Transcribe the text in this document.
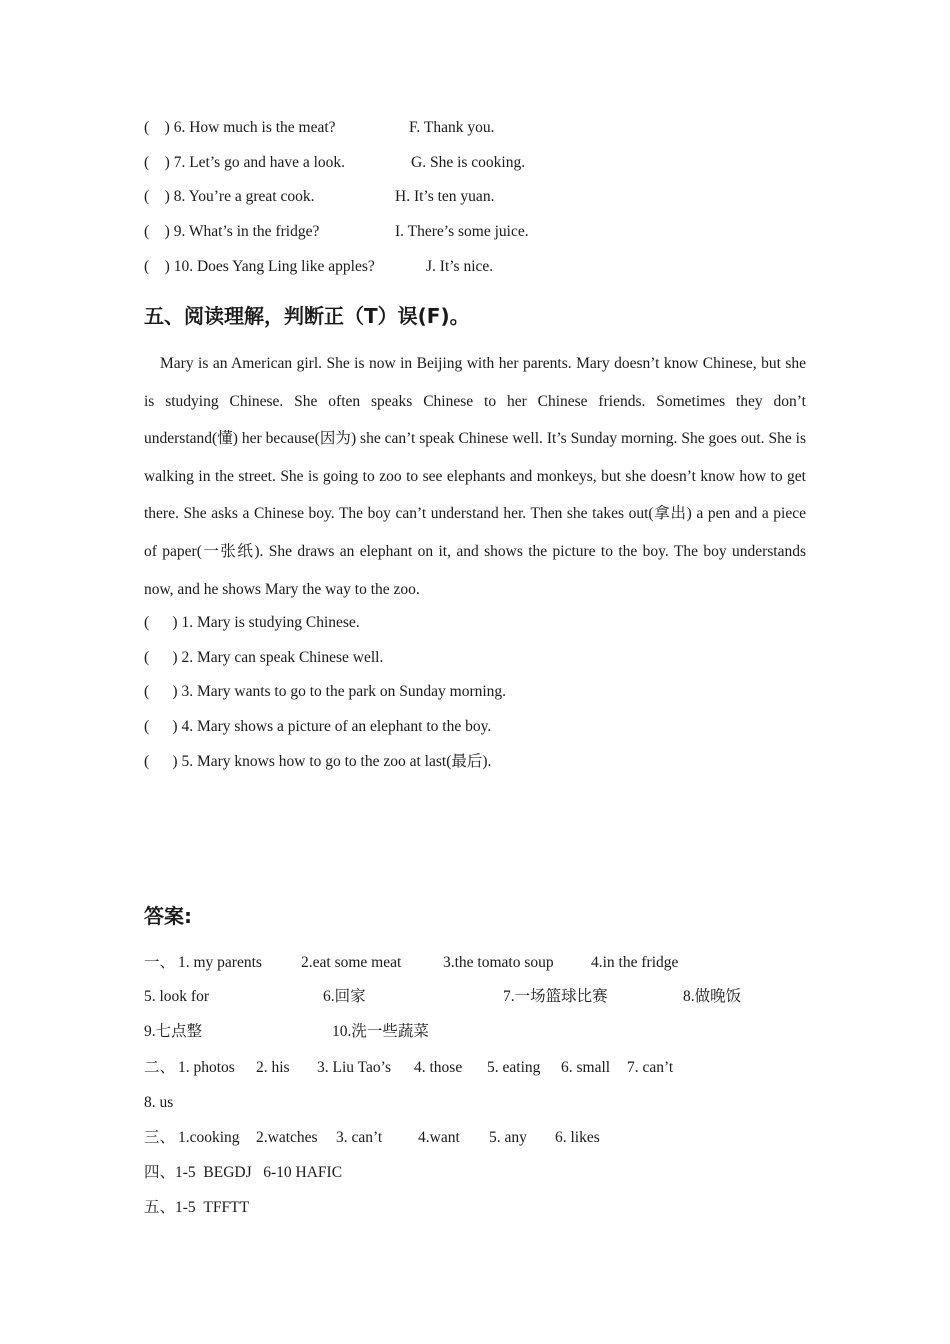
(    ) 6. How much is the meat?	F. Thank you.
(    ) 7. Let’s go and have a look.	G. She is cooking.
(    ) 8. You’re a great cook.	H. It’s ten yuan.
(    ) 9. What’s in the fridge?	I. There’s some juice.
(    ) 10. Does Yang Ling like apples?	J. It’s nice.
五、阅读理解，判断正（T）误(F)。
Mary is an American girl. She is now in Beijing with her parents. Mary doesn’t know Chinese, but she is studying Chinese. She often speaks Chinese to her Chinese friends. Sometimes they don’t understand(懂) her because(因为) she can’t speak Chinese well. It’s Sunday morning. She goes out. She is walking in the street. She is going to zoo to see elephants and monkeys, but she doesn’t know how to get there. She asks a Chinese boy. The boy can’t understand her. Then she takes out(拿出) a pen and a piece of paper(一张纸). She draws an elephant on it, and shows the picture to the boy. The boy understands now, and he shows Mary the way to the zoo.
(      ) 1. Mary is studying Chinese.
(      ) 2. Mary can speak Chinese well.
(      ) 3. Mary wants to go to the park on Sunday morning.
(      ) 4. Mary shows a picture of an elephant to the boy.
(      ) 5. Mary knows how to go to the zoo at last(最后).
答案:
一、 1. my parents	2.eat some meat	3.the tomato soup 4.in the fridge
5. look for	6.回家	7.一场篮球比赛	8.做晚饭
9.七点整	10.洗一些蔬菜
二、 1. photos 2. his 3. Liu Tao’s 4. those 5. eating 6. small 7. can’t
8. us
三、 1.cooking 2.watches 3. can’t 4.want 5. any 6. likes
四、1-5  BEGDJ   6-10 HAFIC
五、1-5  TFFTT
